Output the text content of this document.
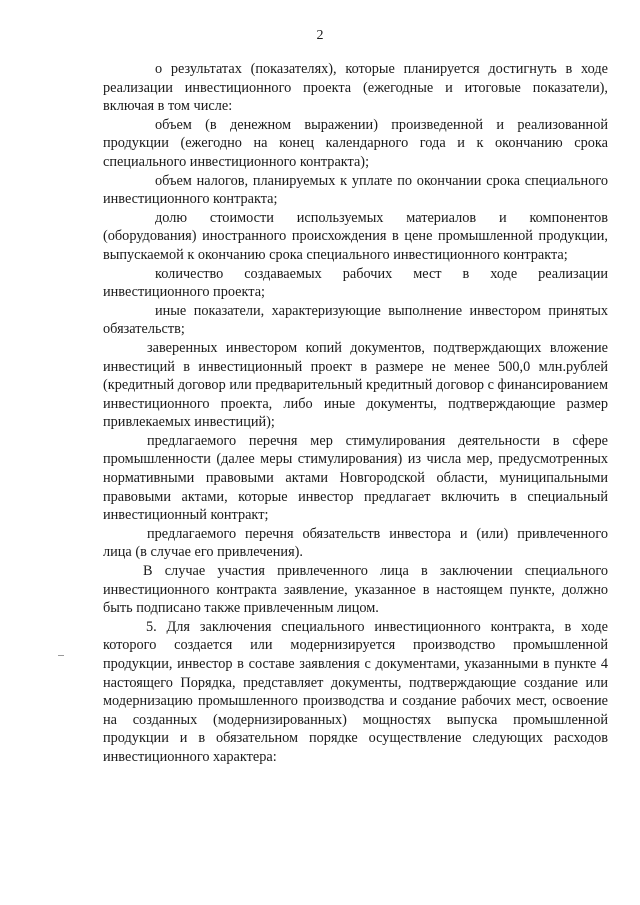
2

о результатах (показателях), которые планируется достигнуть в ходе реализации инвестиционного проекта (ежегодные и итоговые показатели), включая в том числе:

объем (в денежном выражении) произведенной и реализованной продукции (ежегодно на конец календарного года и к окончанию срока специального инвестиционного контракта);

объем налогов, планируемых к уплате по окончании срока специального инвестиционного контракта;

долю стоимости используемых материалов и компонентов (оборудования) иностранного происхождения в цене промышленной продукции, выпускаемой к окончанию срока специального инвестиционного контракта;

количество создаваемых рабочих мест в ходе реализации инвестиционного проекта;

иные показатели, характеризующие выполнение инвестором принятых обязательств;

заверенных инвестором копий документов, подтверждающих вложение инвестиций в инвестиционный проект в размере не менее 500,0 млн.рублей (кредитный договор или предварительный кредитный договор с финансированием инвестиционного проекта, либо иные документы, подтверждающие размер привлекаемых инвестиций);

предлагаемого перечня мер стимулирования деятельности в сфере промышленности (далее меры стимулирования) из числа мер, предусмотренных нормативными правовыми актами Новгородской области, муниципальными правовыми актами, которые инвестор предлагает включить в специальный инвестиционный контракт;

предлагаемого перечня обязательств инвестора и (или) привлеченного лица (в случае его привлечения).

В случае участия привлеченного лица в заключении специального инвестиционного контракта заявление, указанное в настоящем пункте, должно быть подписано также привлеченным лицом.

5. Для заключения специального инвестиционного контракта, в ходе которого создается или модернизируется производство промышленной продукции, инвестор в составе заявления с документами, указанными в пункте 4 настоящего Порядка, представляет документы, подтверждающие создание или модернизацию промышленного производства и создание рабочих мест, освоение на созданных (модернизированных) мощностях выпуска промышленной продукции и в обязательном порядке осуществление следующих расходов инвестиционного характера:
